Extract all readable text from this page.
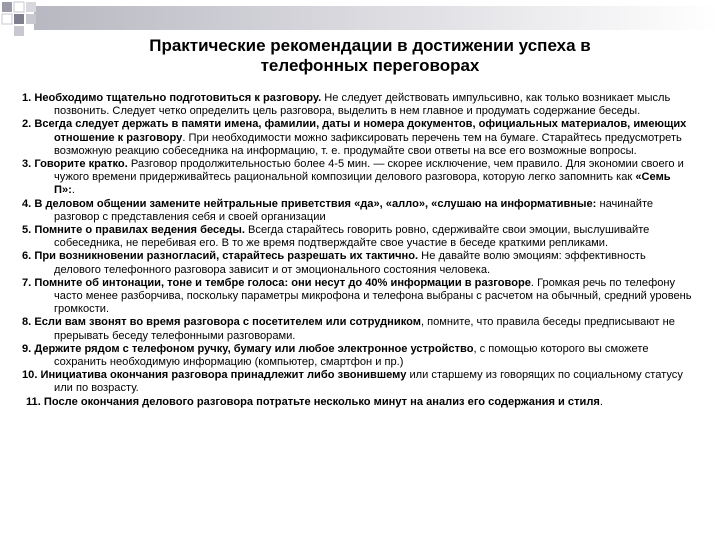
Практические рекомендации в достижении успеха в телефонных переговорах

1. Необходимо тщательно подготовиться к разговору. Не следует действовать импульсивно, как только возникает мысль позвонить. Следует четко определить цель разговора, выделить в нем главное и продумать содержание беседы.

2. Всегда следует держать в памяти имена, фамилии, даты и номера документов, официальных материалов, имеющих отношение к разговору. При необходимости можно зафиксировать перечень тем на бумаге. Старайтесь предусмотреть возможную реакцию собеседника на информацию, т. е. продумайте свои ответы на все его возможные вопросы.

3. Говорите кратко. Разговор продолжительностью более 4-5 мин. — скорее исключение, чем правило. Для экономии своего и чужого времени придерживайтесь рациональной композиции делового разговора, которую легко запомнить как «Семь П»:.

4. В деловом общении замените нейтральные приветствия «да», «алло», «слушаю на информативные: начинайте разговор с представления себя и своей организации

5. Помните о правилах ведения беседы. Всегда старайтесь говорить ровно, сдерживайте свои эмоции, выслушивайте собеседника, не перебивая его. В то же время подтверждайте свое участие в беседе краткими репликами.

6. При возникновении разногласий, старайтесь разрешать их тактично. Не давайте волю эмоциям: эффективность делового телефонного разговора зависит и от эмоционального состояния человека.

7. Помните об интонации, тоне и тембре голоса: они несут до 40% информации в разговоре. Громкая речь по телефону часто менее разборчива, поскольку параметры микрофона и телефона выбраны с расчетом на обычный, средний уровень громкости.

8. Если вам звонят во время разговора с посетителем или сотрудником, помните, что правила беседы предписывают не прерывать беседу телефонными разговорами.

9. Держите рядом с телефоном ручку, бумагу или любое электронное устройство, с помощью которого вы сможете сохранить необходимую информацию (компьютер, смартфон и пр.)

10. Инициатива окончания разговора принадлежит либо звонившему или старшему из говорящих по социальному статусу или по возрасту.

11. После окончания делового разговора потратьте несколько минут на анализ его содержания и стиля.
